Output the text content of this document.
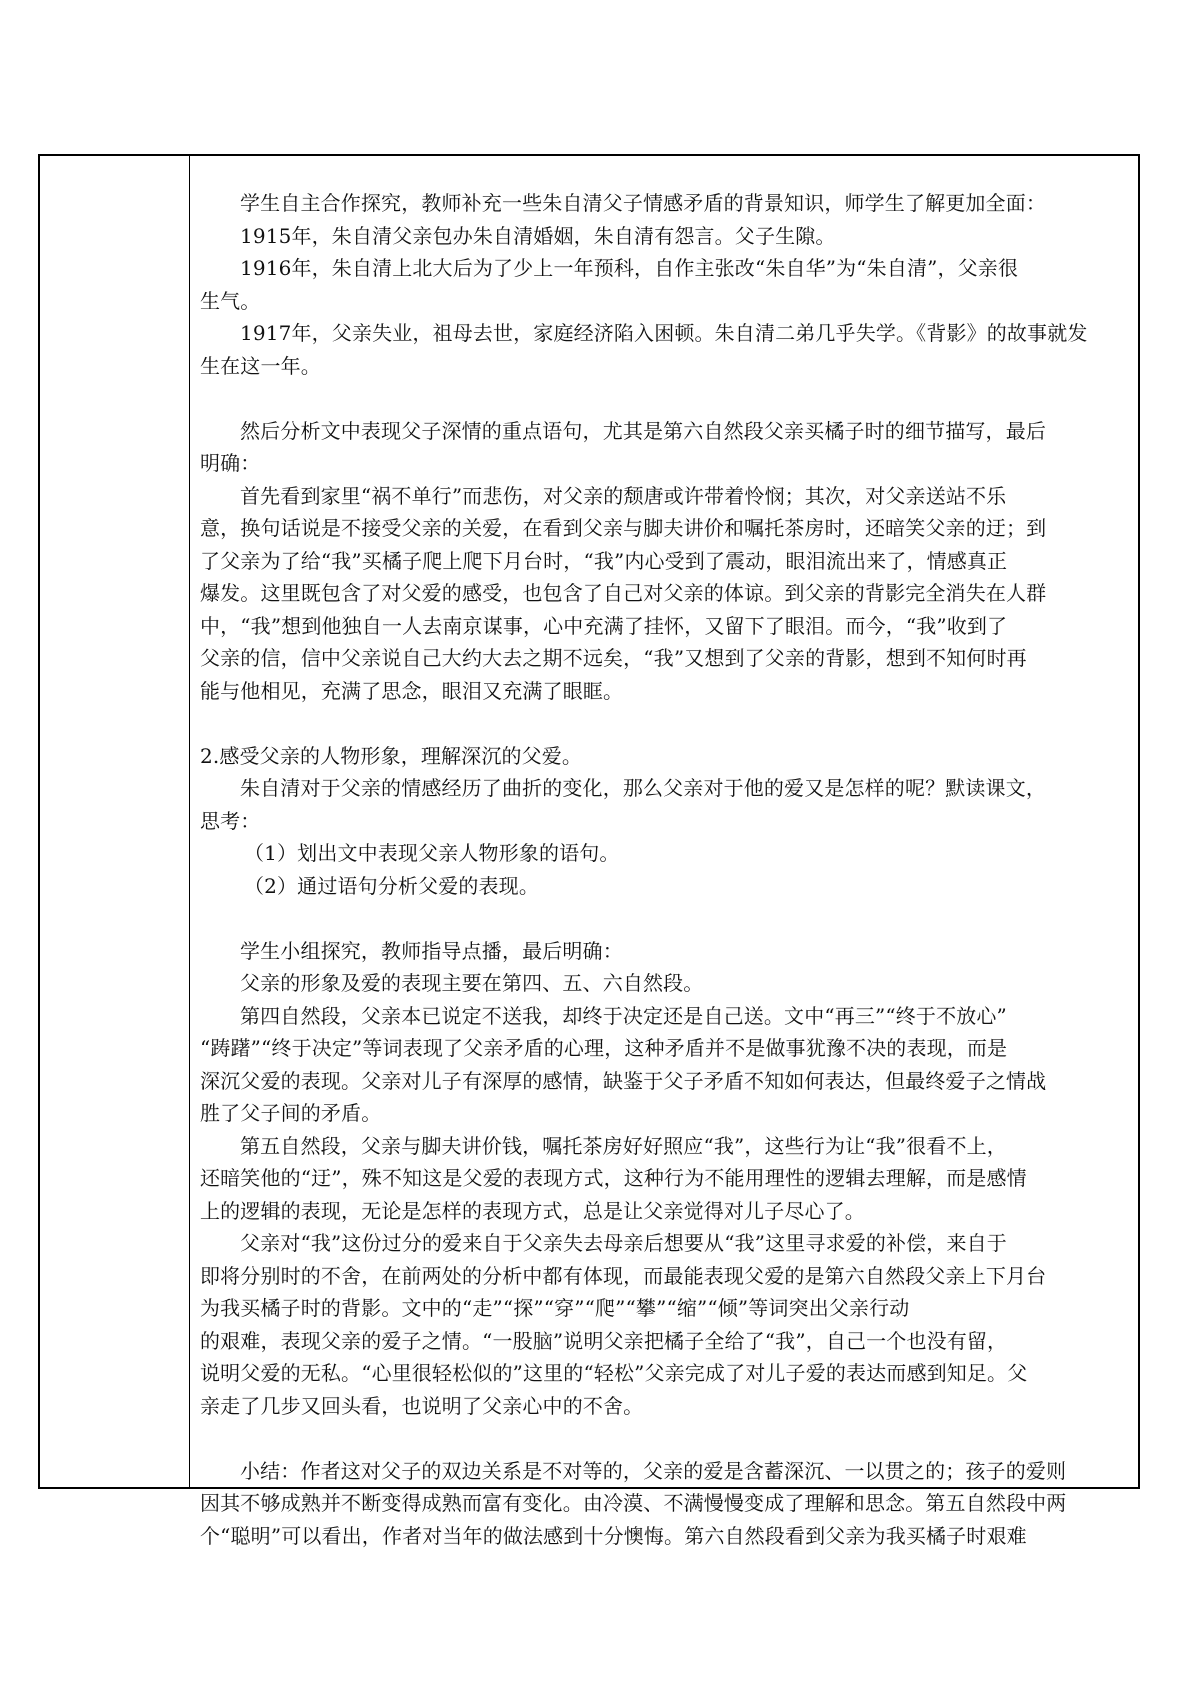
学生自主合作探究，教师补充一些朱自清父子情感矛盾的背景知识，师学生了解更加全面：
1915年，朱自清父亲包办朱自清婚姻，朱自清有怨言。父子生隙。
1916年，朱自清上北大后为了少上一年预科，自作主张改“朱自华”为“朱自清”，父亲很
生气。
1917年，父亲失业，祖母去世，家庭经济陷入困顿。朱自清二弟几乎失学。《背影》的故事就发
生在这一年。
然后分析文中表现父子深情的重点语句，尤其是第六自然段父亲买橘子时的细节描写，最后
明确：
首先看到家里“祸不单行”而悲伤，对父亲的颓唐或许带着怜悯；其次，对父亲送站不乐
意，换句话说是不接受父亲的关爱，在看到父亲与脚夫讲价和嘱托茶房时，还暗笑父亲的迂；到
了父亲为了给“我”买橘子爬上爬下月台时，“我”内心受到了震动，眼泪流出来了，情感真正
爆发。这里既包含了对父爱的感受，也包含了自己对父亲的体谅。到父亲的背影完全消失在人群
中，“我”想到他独自一人去南京谋事，心中充满了挂怀，又留下了眼泪。而今，“我”收到了
父亲的信，信中父亲说自己大约大去之期不远矣，“我”又想到了父亲的背影，想到不知何时再
能与他相见，充满了思念，眼泪又充满了眼眶。
2.感受父亲的人物形象，理解深沉的父爱。
朱自清对于父亲的情感经历了曲折的变化，那么父亲对于他的爱又是怎样的呢？默读课文，
思考：
（1）划出文中表现父亲人物形象的语句。
（2）通过语句分析父爱的表现。
学生小组探究，教师指导点播，最后明确：
父亲的形象及爱的表现主要在第四、五、六自然段。
第四自然段，父亲本已说定不送我，却终于决定还是自己送。文中“再三”“终于不放心”
“踌躇”“终于决定”等词表现了父亲矛盾的心理，这种矛盾并不是做事犹豫不决的表现，而是
深沉父爱的表现。父亲对儿子有深厚的感情，缺鉴于父子矛盾不知如何表达，但最终爱子之情战
胜了父子间的矛盾。
第五自然段，父亲与脚夫讲价钱，嘱托茶房好好照应“我”，这些行为让“我”很看不上，
还暗笑他的“迂”，殊不知这是父爱的表现方式，这种行为不能用理性的逻辑去理解，而是感情
上的逻辑的表现，无论是怎样的表现方式，总是让父亲觉得对儿子尽心了。
父亲对“我”这份过分的爱来自于父亲失去母亲后想要从“我”这里寻求爱的补偿，来自于
即将分别时的不舍，在前两处的分析中都有体现，而最能表现父爱的是第六自然段父亲上下月台
为我买橘子时的背影。文中的“走”“探”“穿”“爬”“攀”“缩”“倾”等词突出父亲行动
的艰难，表现父亲的爱子之情。“一股脑”说明父亲把橘子全给了“我”，自己一个也没有留，
说明父爱的无私。“心里很轻松似的”这里的“轻松”父亲完成了对儿子爱的表达而感到知足。父
亲走了几步又回头看，也说明了父亲心中的不舍。
小结：作者这对父子的双边关系是不对等的，父亲的爱是含蓄深沉、一以贯之的；孩子的爱则
因其不够成熟并不断变得成熟而富有变化。由冷漠、不满慢慢变成了理解和思念。第五自然段中两
个“聪明”可以看出，作者对当年的做法感到十分懊悔。第六自然段看到父亲为我买橘子时艰难
